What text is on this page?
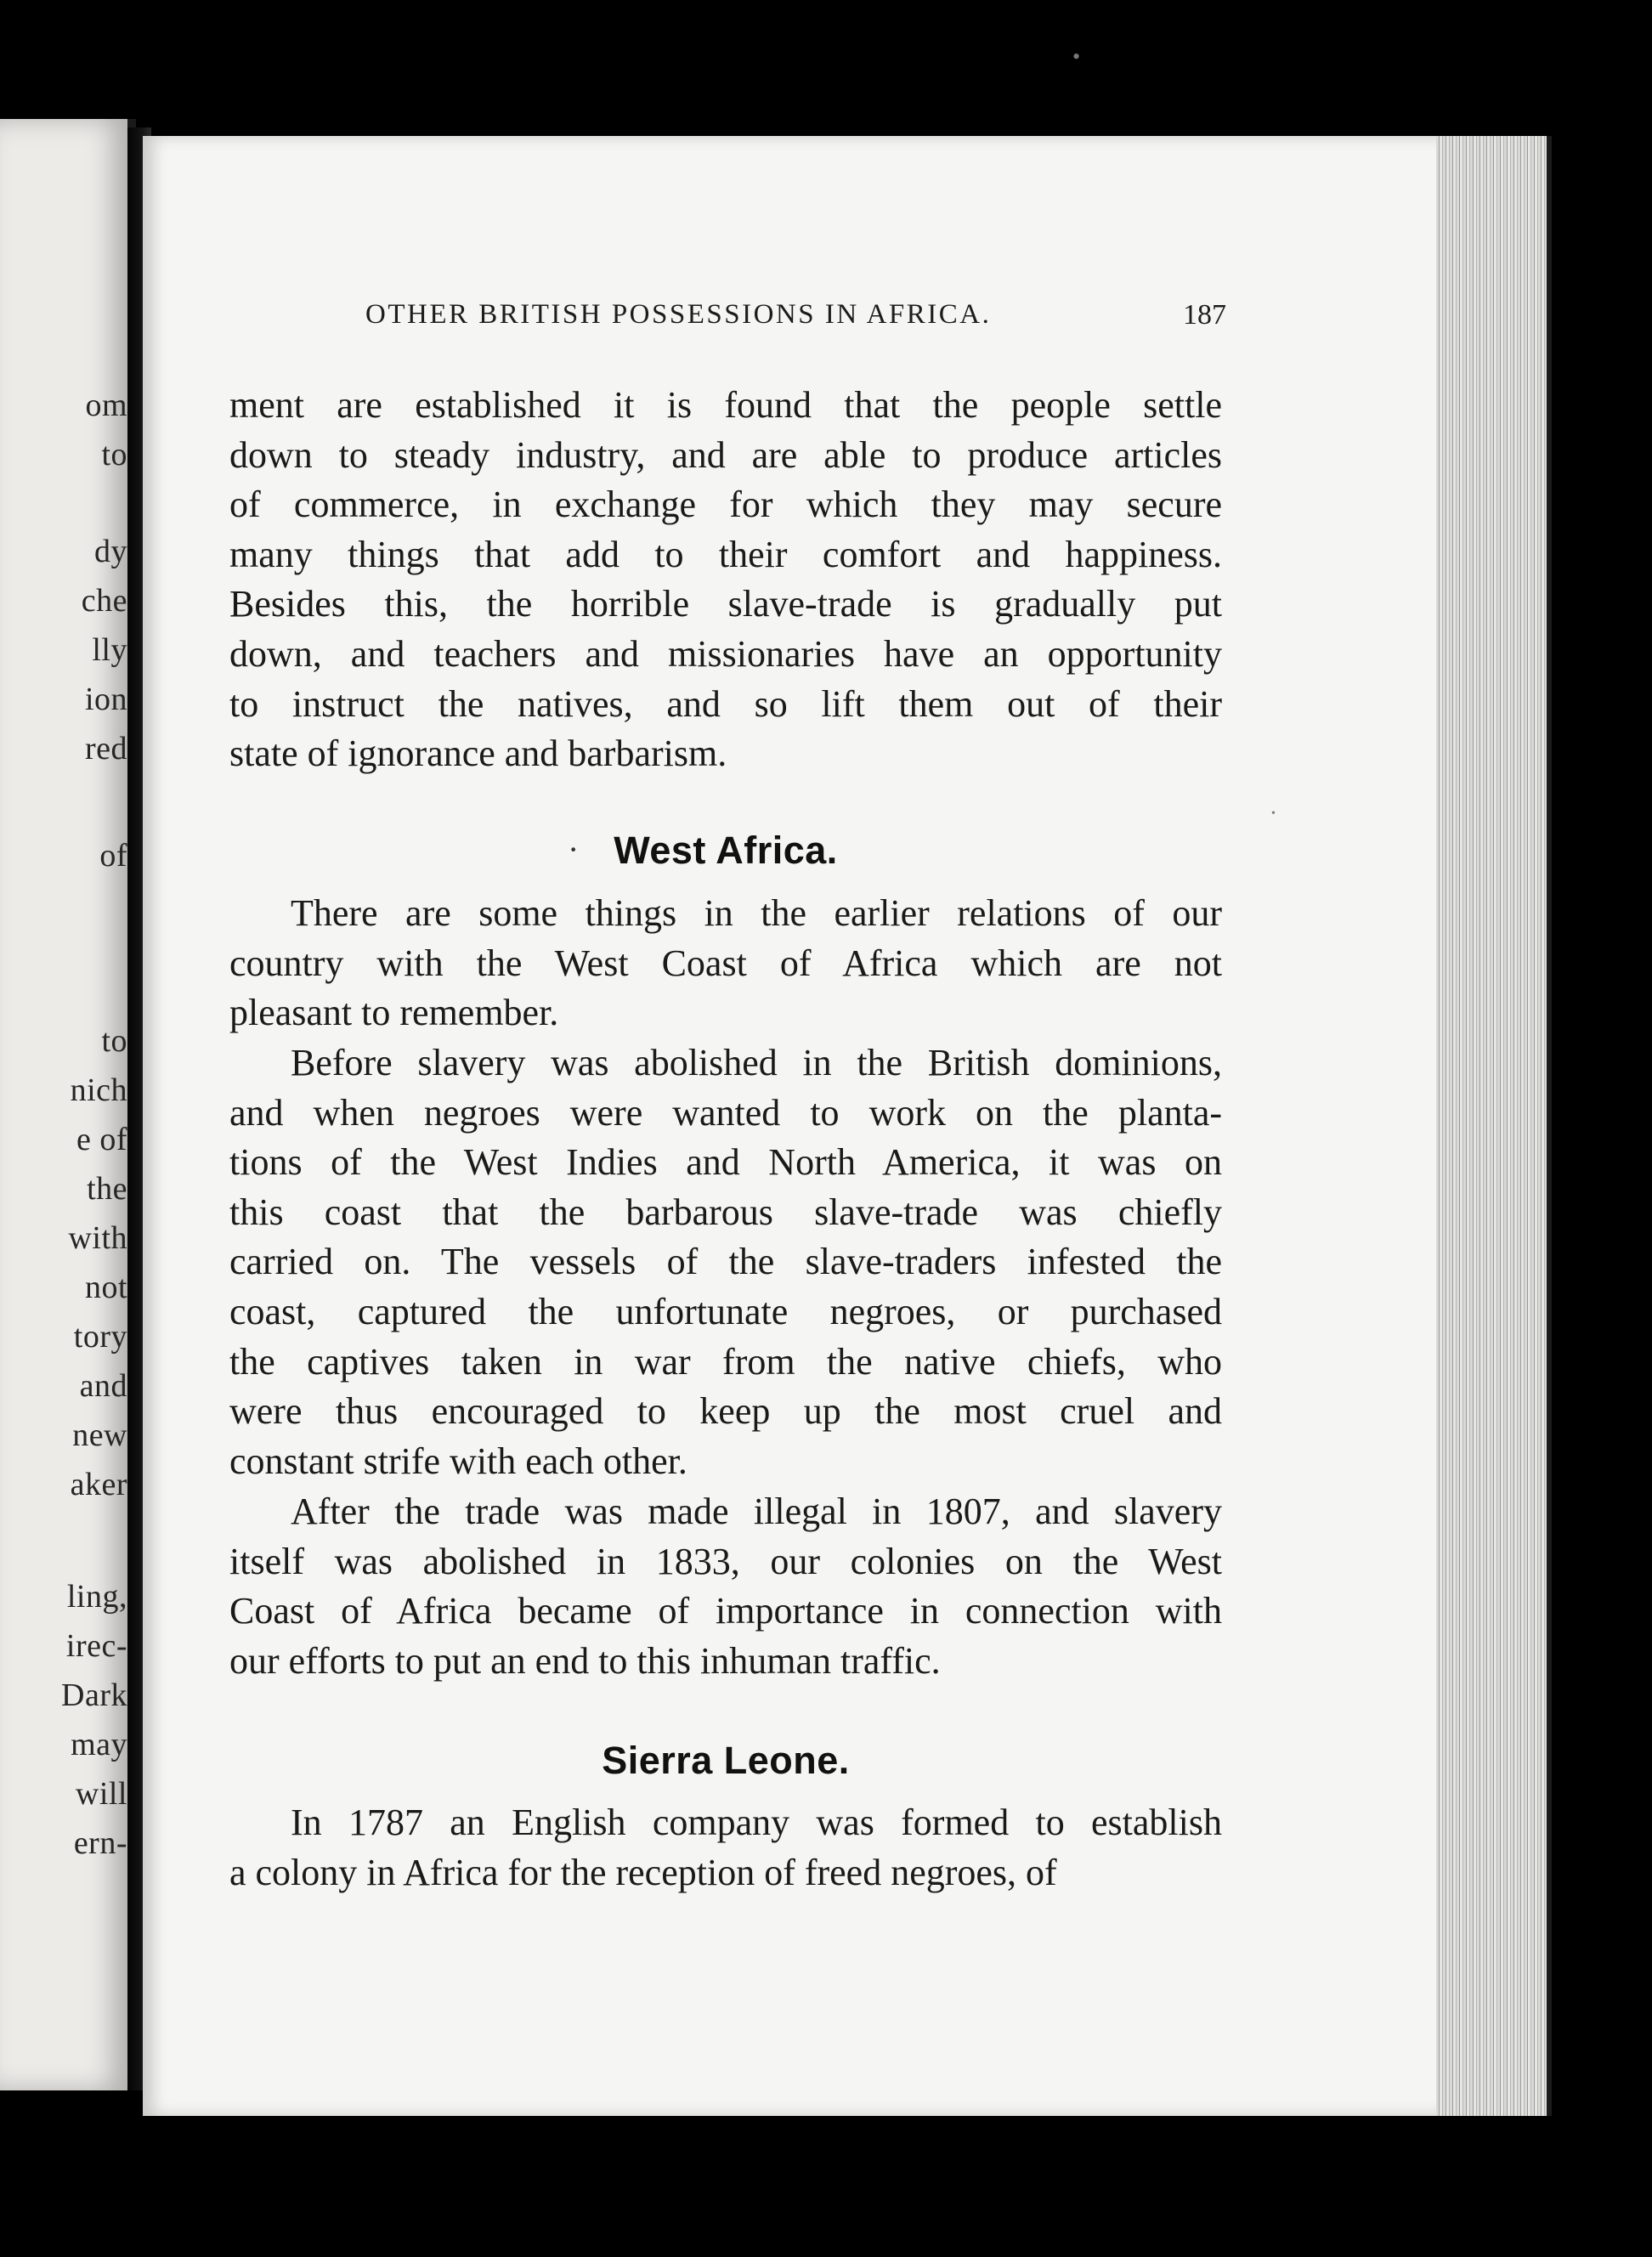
om
to
dy
che
lly
ion
red
of
to
nich
e of
the
with
not
tory
and
new
aker
ling,
irec-
Dark
may
will
ern-
OTHER BRITISH POSSESSIONS IN AFRICA.	187

ment are established it is found that the people settle
down to steady industry, and are able to produce articles
of commerce, in exchange for which they may secure
many things that add to their comfort and happiness.
Besides this, the horrible slave-trade is gradually put
down, and teachers and missionaries have an opportunity
to instruct the natives, and so lift them out of their
state of ignorance and barbarism.

· West Africa.

There are some things in the earlier relations of our
country with the West Coast of Africa which are not
pleasant to remember.

Before slavery was abolished in the British dominions,
and when negroes were wanted to work on the planta-
tions of the West Indies and North America, it was on
this coast that the barbarous slave-trade was chiefly
carried on. The vessels of the slave-traders infested the
coast, captured the unfortunate negroes, or purchased
the captives taken in war from the native chiefs, who
were thus encouraged to keep up the most cruel and
constant strife with each other.

After the trade was made illegal in 1807, and slavery
itself was abolished in 1833, our colonies on the West
Coast of Africa became of importance in connection with
our efforts to put an end to this inhuman traffic.

Sierra Leone.

In 1787 an English company was formed to establish
a colony in Africa for the reception of freed negroes, of

•
•
